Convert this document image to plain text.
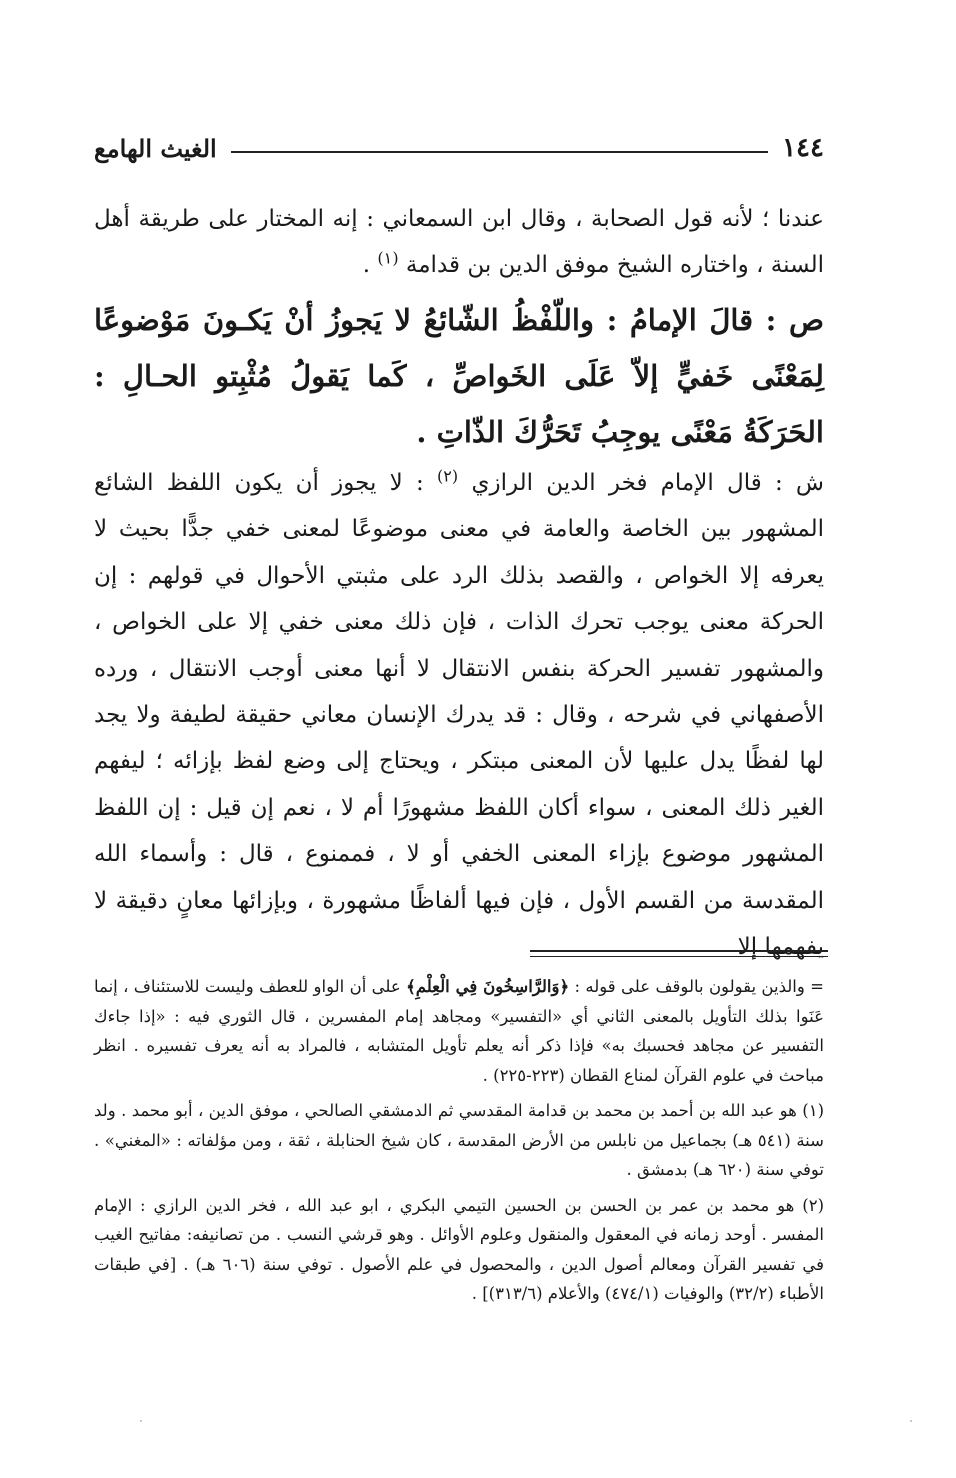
١٤٤
الغيث الهامع
عندنا ؛ لأنه قول الصحابة ، وقال ابن السمعاني : إنه المختار على طريقة أهل السنة ، واختاره الشيخ موفق الدين بن قدامة $^{(١)}$ .
ص : قالَ الإمامُ : واللّفْظُ الشّائعُ لا يَجوزُ أنْ يَكـونَ مَوْضوعًا لِمَعْنًى خَفيٍّ إلاّ عَلَى الخَواصِّ ، كَما يَقولُ مُثْبِتو الحـالِ : الحَرَكَةُ مَعْنًى يوجِبُ تَحَرُّكَ الذّاتِ .
ش : قال الإمام فخر الدين الرازي $^{(٢)}$ : لا يجوز أن يكون اللفظ الشائع المشهور بين الخاصة والعامة في معنى موضوعًا لمعنى خفي جدًّا بحيث لا يعرفه إلا الخواص ، والقصد بذلك الرد على مثبتي الأحوال في قولهم : إن الحركة معنى يوجب تحرك الذات ، فإن ذلك معنى خفي إلا على الخواص ، والمشهور تفسير الحركة بنفس الانتقال لا أنها معنى أوجب الانتقال ، ورده الأصفهاني في شرحه ، وقال : قد يدرك الإنسان معاني حقيقة لطيفة ولا يجد لها لفظًا يدل عليها لأن المعنى مبتكر ، ويحتاج إلى وضع لفظ بإزائه ؛ ليفهم الغير ذلك المعنى ، سواء أكان اللفظ مشهورًا أم لا ، نعم إن قيل : إن اللفظ المشهور موضوع بإزاء المعنى الخفي أو لا ، فممنوع ، قال : وأسماء الله المقدسة من القسم الأول ، فإن فيها ألفاظًا مشهورة ، وبإزائها معانٍ دقيقة لا يفهمها إلا

= والذين يقولون بالوقف على قوله : ﴿وَالرَّاسِخُونَ فِي الْعِلْمِ﴾ على أن الواو للعطف وليست للاستئناف ، إنما عَنَوا بذلك التأويل بالمعنى الثاني أي «التفسير» ومجاهد إمام المفسرين ، قال الثوري فيه : «إذا جاءك التفسير عن مجاهد فحسبك به» فإذا ذكر أنه يعلم تأويل المتشابه ، فالمراد به أنه يعرف تفسيره . انظر مباحث في علوم القرآن لمناع القطان (٢٢٣-٢٢٥) .

(١) هو عبد الله بن أحمد بن محمد بن قدامة المقدسي ثم الدمشقي الصالحي ، موفق الدين ، أبو محمد . ولد سنة (٥٤١ هـ) بجماعيل من نابلس من الأرض المقدسة ، كان شيخ الحنابلة ، ثقة ، ومن مؤلفاته : «المغني» . توفي سنة (٦٢٠ هـ) بدمشق .

(٢) هو محمد بن عمر بن الحسن بن الحسين التيمي البكري ، ابو عبد الله ، فخر الدين الرازي : الإمام المفسر . أوحد زمانه في المعقول والمنقول وعلوم الأوائل . وهو قرشي النسب . من تصانيفه: مفاتيح الغيب في تفسير القرآن ومعالم أصول الدين ، والمحصول في علم الأصول . توفي سنة (٦٠٦ هـ) . [في طبقات الأطباء (٣٢/٢) والوفيات (٤٧٤/١) والأعلام (٣١٣/٦)] .
